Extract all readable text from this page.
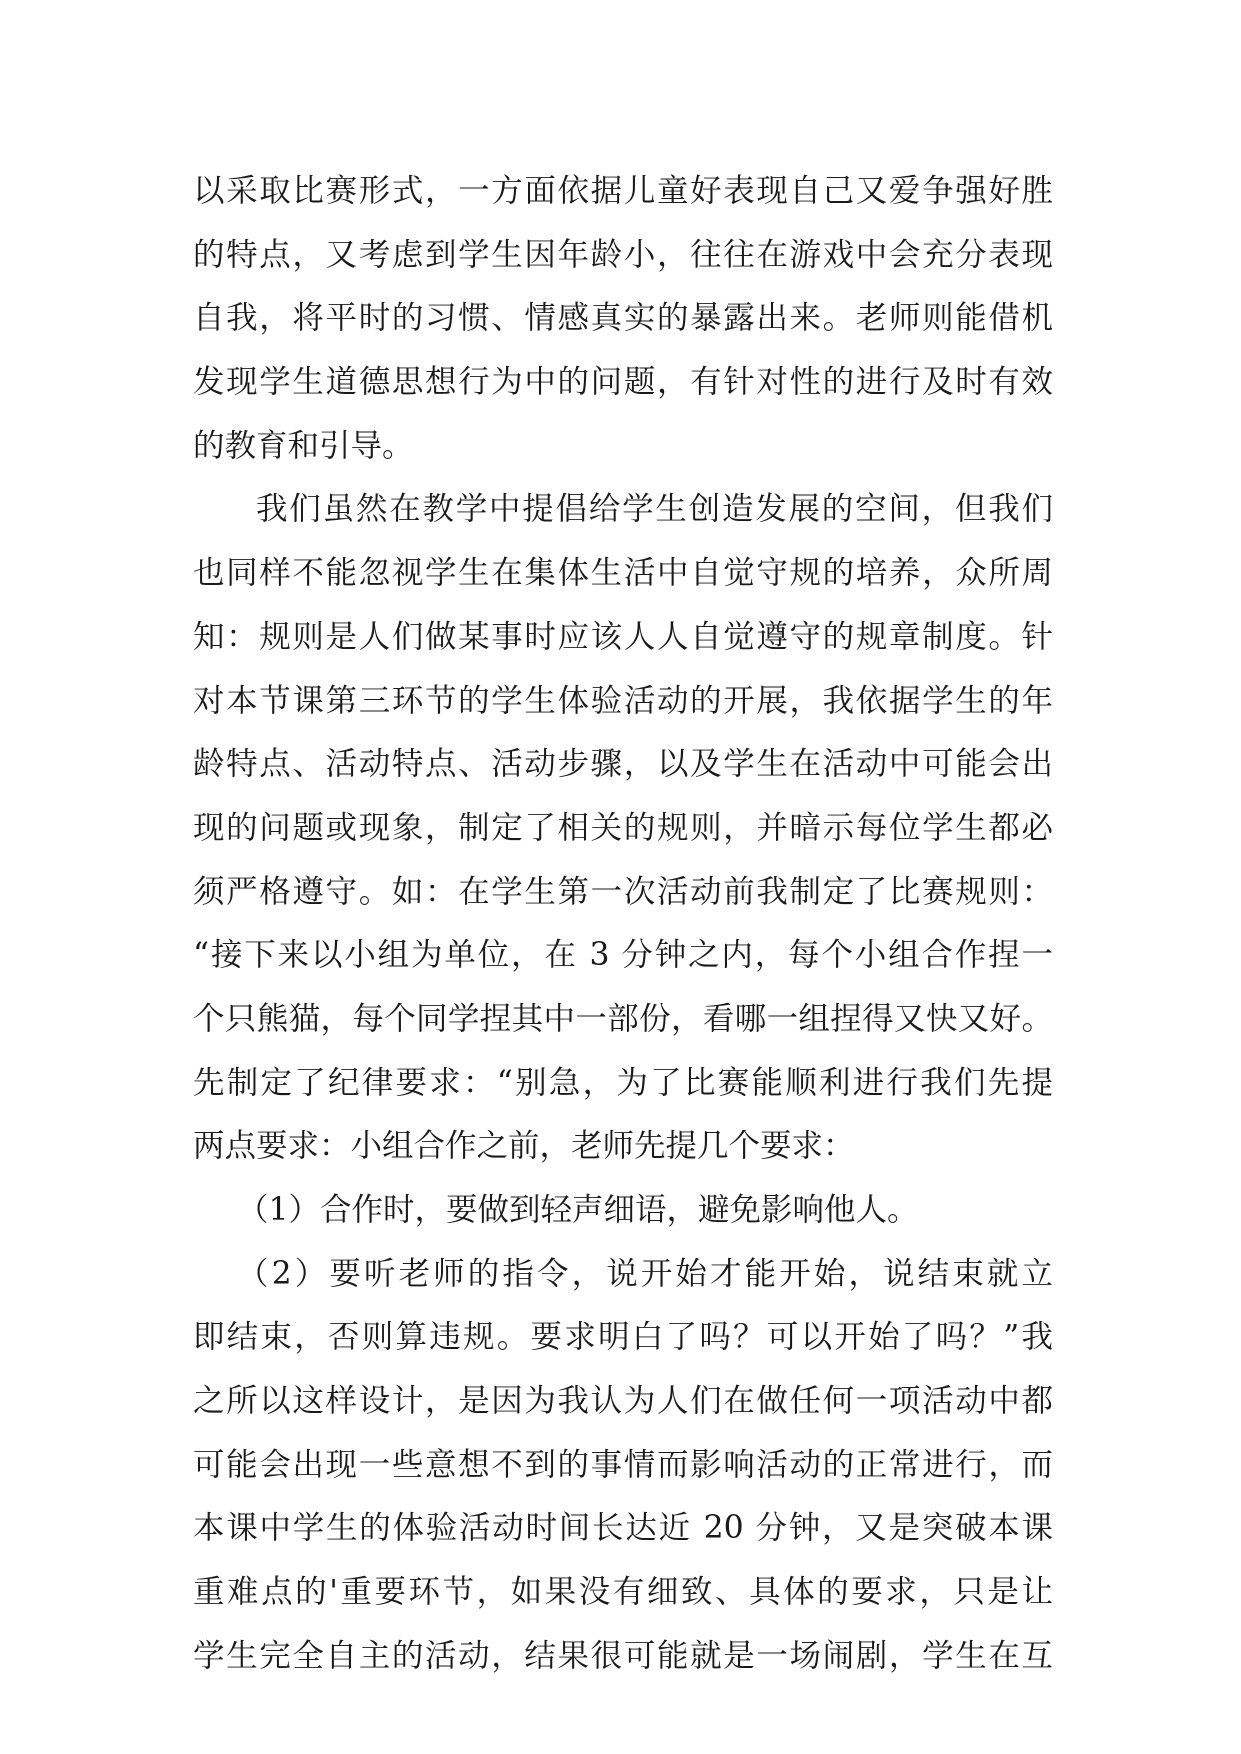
以采取比赛形式，一方面依据儿童好表现自己又爱争强好胜
的特点，又考虑到学生因年龄小，往往在游戏中会充分表现
自我，将平时的习惯、情感真实的暴露出来。老师则能借机
发现学生道德思想行为中的问题，有针对性的进行及时有效
的教育和引导。
我们虽然在教学中提倡给学生创造发展的空间，但我们
也同样不能忽视学生在集体生活中自觉守规的培养，众所周
知：规则是人们做某事时应该人人自觉遵守的规章制度。针
对本节课第三环节的学生体验活动的开展，我依据学生的年
龄特点、活动特点、活动步骤，以及学生在活动中可能会出
现的问题或现象，制定了相关的规则，并暗示每位学生都必
须严格遵守。如：在学生第一次活动前我制定了比赛规则：
“接下来以小组为单位，在 3 分钟之内，每个小组合作捏一
个只熊猫，每个同学捏其中一部份，看哪一组捏得又快又好。
先制定了纪律要求：“别急，为了比赛能顺利进行我们先提
两点要求：小组合作之前，老师先提几个要求：
（1）合作时，要做到轻声细语，避免影响他人。
（2）要听老师的指令，说开始才能开始，说结束就立
即结束，否则算违规。要求明白了吗？可以开始了吗？”我
之所以这样设计，是因为我认为人们在做任何一项活动中都
可能会出现一些意想不到的事情而影响活动的正常进行，而
本课中学生的体验活动时间长达近 20 分钟，又是突破本课
重难点的'重要环节，如果没有细致、具体的要求，只是让
学生完全自主的活动，结果很可能就是一场闹剧，学生在互
